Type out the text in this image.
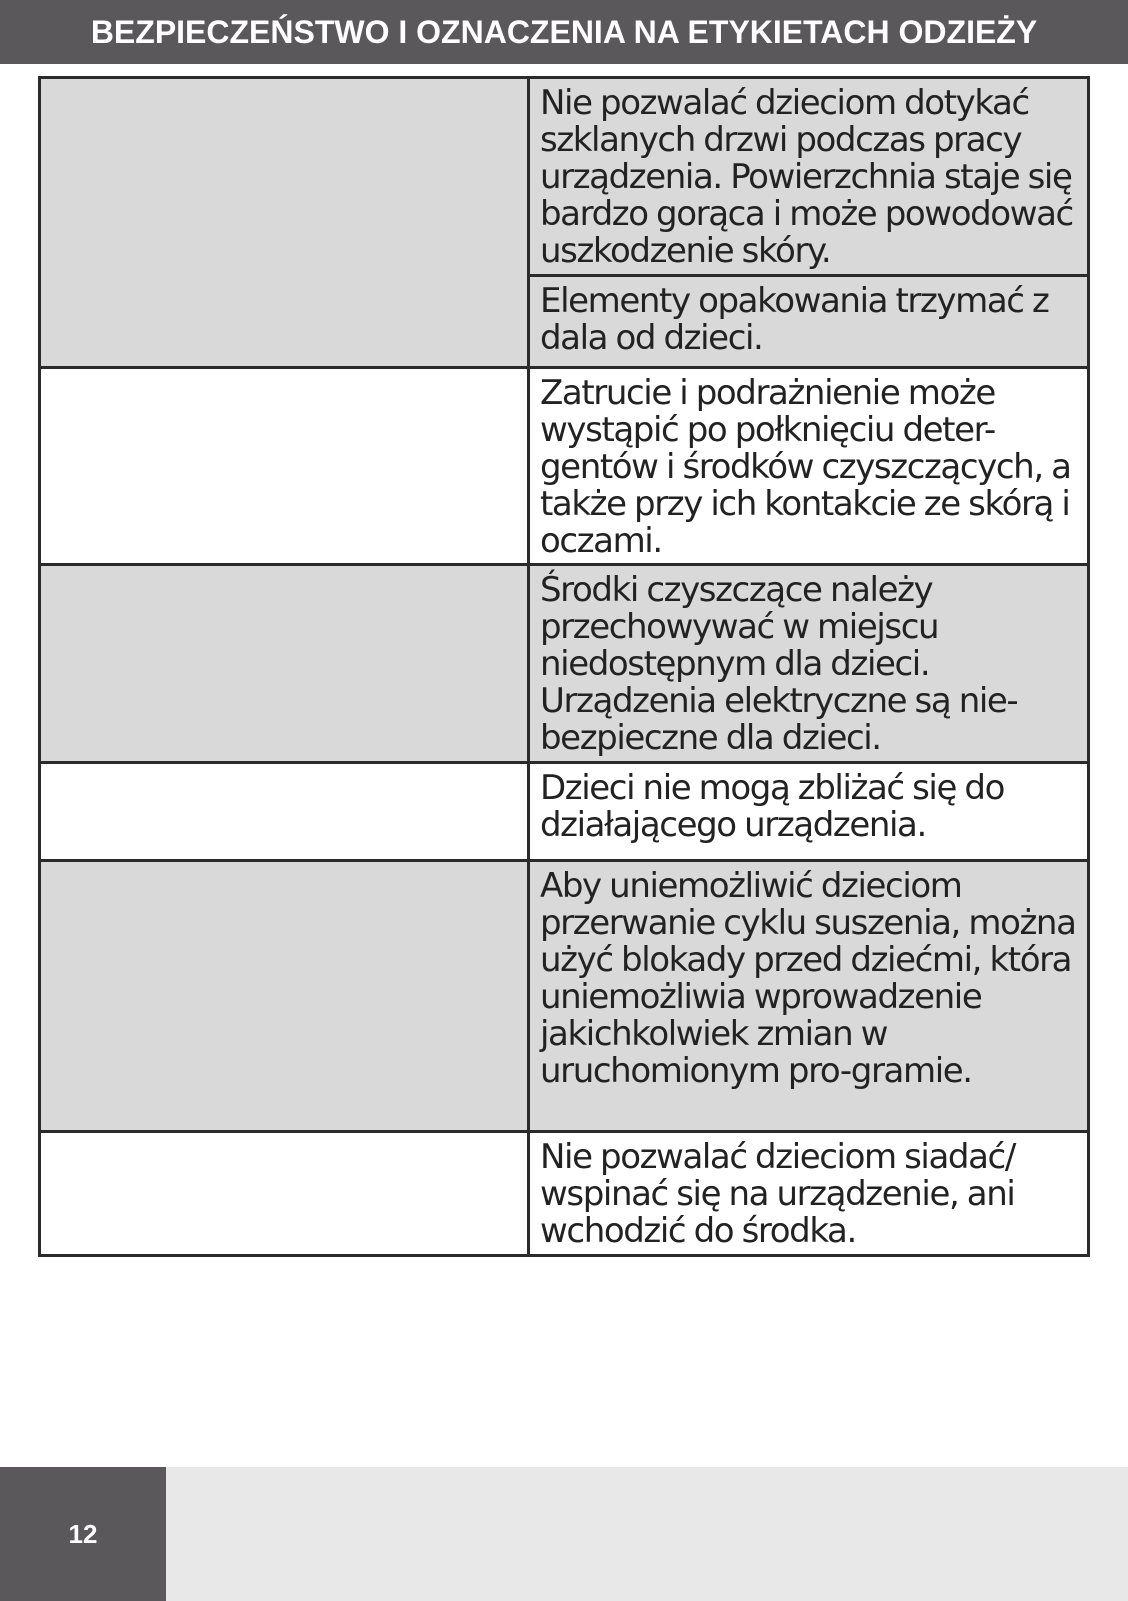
BEZPIECZEŃSTWO I OZNACZENIA NA ETYKIETACH ODZIEŻY
	Nie pozwalać dzieciom dotykać szklanych drzwi podczas pracy urządzenia. Powierzchnia staje się bardzo gorąca i może powodować uszkodzenie skóry.
	Elementy opakowania trzymać z dala od dzieci.
	Zatrucie i podrażnienie może wystąpić po połknięciu deter-gentów i środków czyszczących, a także przy ich kontakcie ze skórą i oczami.
	Środki czyszczące należy przechowywać w miejscu niedostępnym dla dzieci. Urządzenia elektryczne są nie-bezpieczne dla dzieci.
	Dzieci nie mogą zbliżać się do działającego urządzenia.
	Aby uniemożliwić dzieciom przerwanie cyklu suszenia, można użyć blokady przed dziećmi, która uniemożliwia wprowadzenie jakichkolwiek zmian w uruchomionym pro-gramie.
	Nie pozwalać dzieciom siadać/ wspinać się na urządzenie, ani wchodzić do środka.
12
